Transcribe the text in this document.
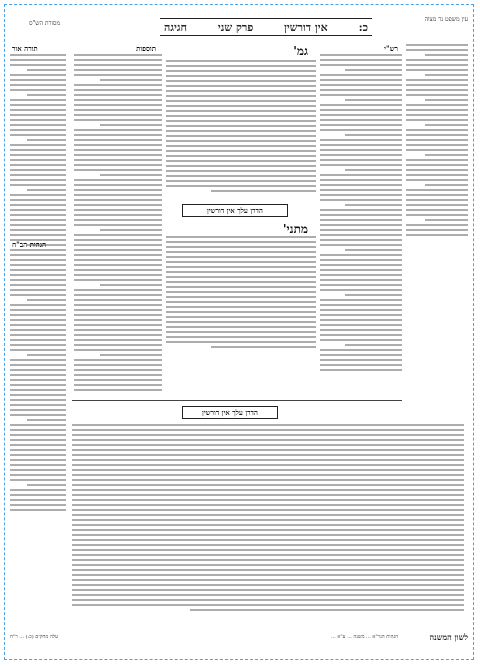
עין משפט נר מצוה
כ:
אין דורשין
פרק שני
חגיגה
מסורת הש"ס
רש"י
גמ'
הדרן עלך אין דורשין
מתני'
תוספות
תורה אור
הגהות הב"ח
הדרן עלך אין דורשין
לשון המשנה
הגהות הגר"א ... משנה ... ע"א ...
עלה מחקים (כ:) ... ר"ח
